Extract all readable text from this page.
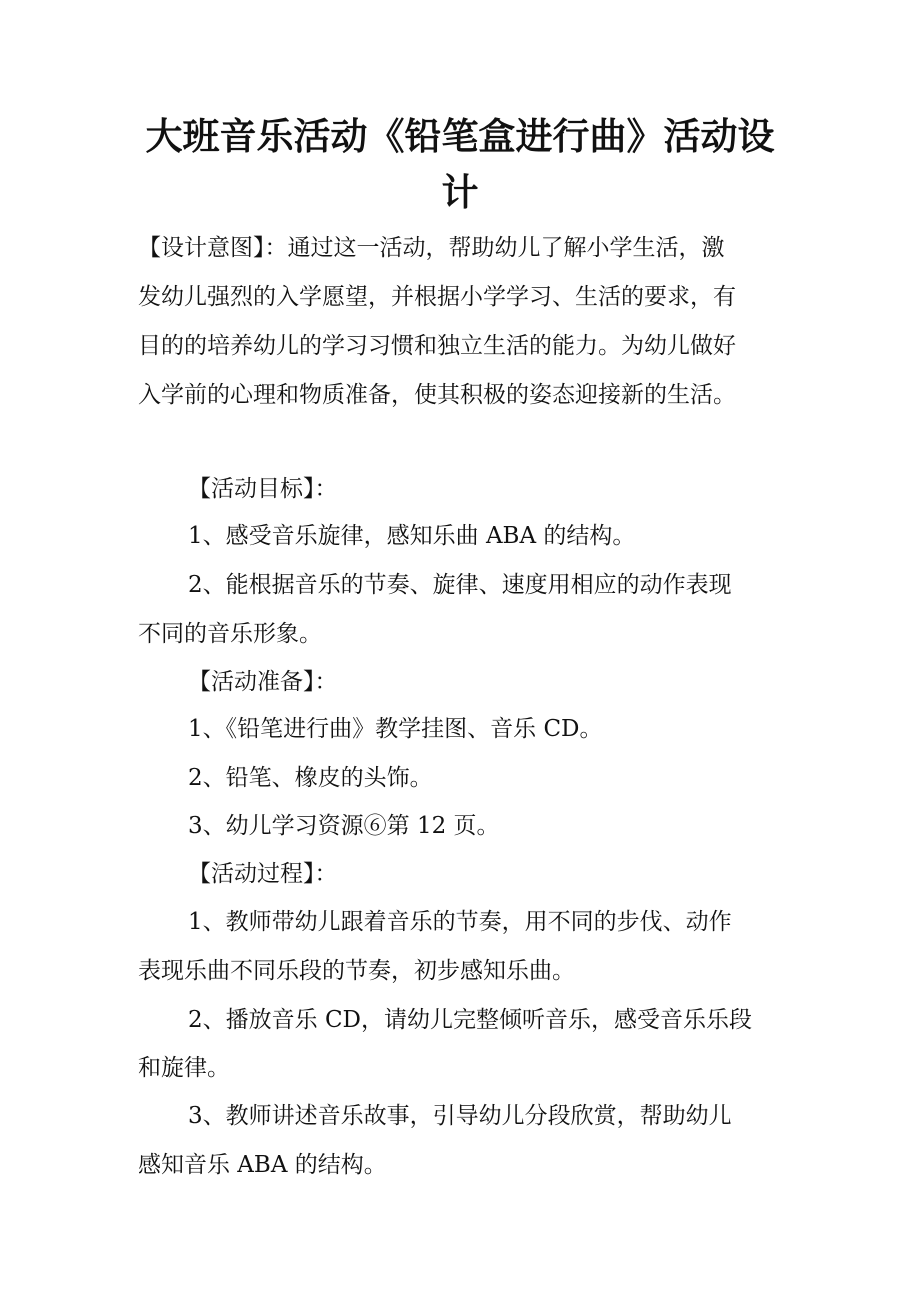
大班音乐活动《铅笔盒进行曲》活动设
计
【设计意图】：通过这一活动，帮助幼儿了解小学生活，激
发幼儿强烈的入学愿望，并根据小学学习、生活的要求，有
目的的培养幼儿的学习习惯和独立生活的能力。为幼儿做好
入学前的心理和物质准备，使其积极的姿态迎接新的生活。
【活动目标】：
1、感受音乐旋律，感知乐曲 ABA 的结构。
2、能根据音乐的节奏、旋律、速度用相应的动作表现
不同的音乐形象。
【活动准备】：
1、《铅笔进行曲》教学挂图、音乐 CD。
2、铅笔、橡皮的头饰。
3、幼儿学习资源⑥第 12 页。
【活动过程】：
1、教师带幼儿跟着音乐的节奏，用不同的步伐、动作
表现乐曲不同乐段的节奏，初步感知乐曲。
2、播放音乐 CD，请幼儿完整倾听音乐，感受音乐乐段
和旋律。
3、教师讲述音乐故事，引导幼儿分段欣赏，帮助幼儿
感知音乐 ABA 的结构。
